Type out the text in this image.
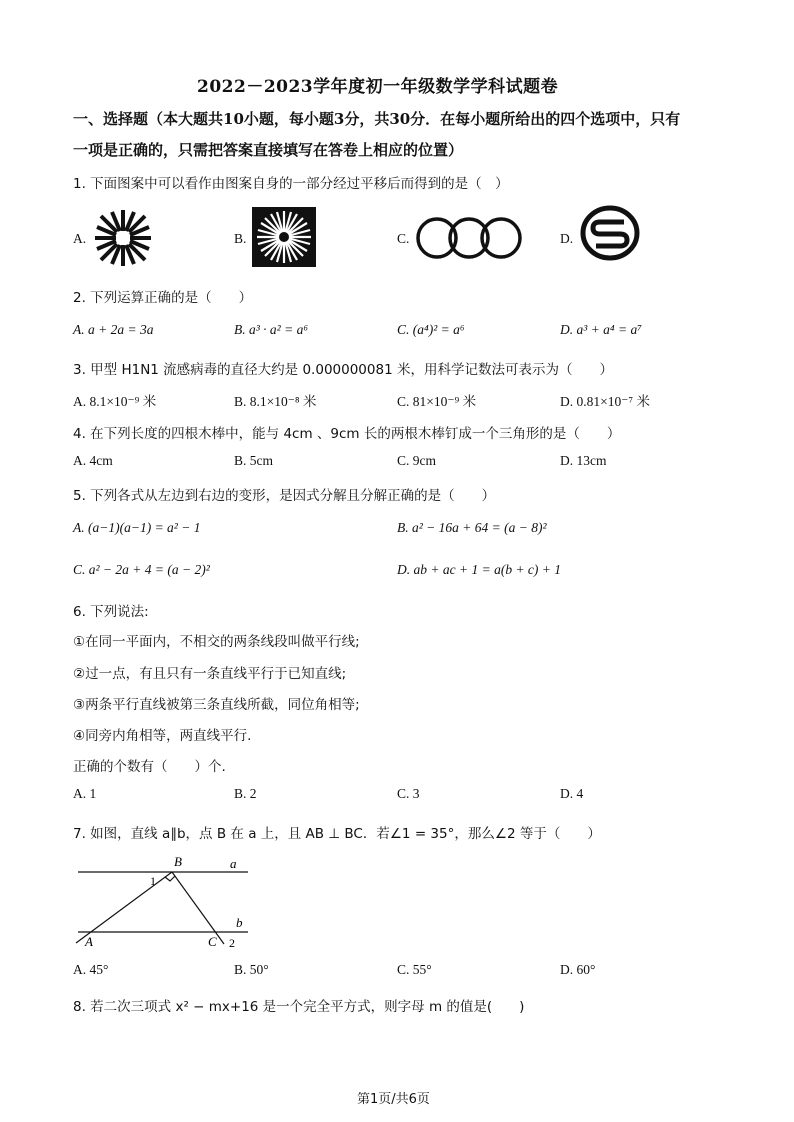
2022－2023学年度初一年级数学学科试题卷
一、选择题（本大题共10小题，每小题3分，共30分．在每小题所给出的四个选项中，只有
一项是正确的，只需把答案直接填写在答卷上相应的位置）
1. 下面图案中可以看作由图案自身的一部分经过平移后而得到的是（　）
A.	B.	C.	D.
2. 下列运算正确的是（　　）
A. a + 2a = 3a	B. a³ · a² = a⁶	C. (a⁴)² = a⁶	D. a³ + a⁴ = a⁷
3. 甲型 H1N1 流感病毒的直径大约是 0.000000081 米，用科学记数法可表示为（　　）
A. 8.1×10⁻⁹ 米	B. 8.1×10⁻⁸ 米	C. 81×10⁻⁹ 米	D. 0.81×10⁻⁷ 米
4. 在下列长度的四根木棒中，能与 4cm 、9cm 长的两根木棒钉成一个三角形的是（　　）
A. 4cm	B. 5cm	C. 9cm	D. 13cm
5. 下列各式从左边到右边的变形，是因式分解且分解正确的是（　　）
A. (a−1)(a−1) = a² − 1	B. a² − 16a + 64 = (a − 8)²
C. a² − 2a + 4 = (a − 2)²	D. ab + ac + 1 = a(b + c) + 1
6. 下列说法:
①在同一平面内，不相交的两条线段叫做平行线;
②过一点，有且只有一条直线平行于已知直线;
③两条平行直线被第三条直线所截，同位角相等;
④同旁内角相等，两直线平行.
正确的个数有（　　）个.
A. 1	B. 2	C. 3	D. 4
7. 如图，直线 a∥b，点 B 在 a 上，且 AB ⊥ BC．若∠1 = 35°，那么∠2 等于（　　）
B	a
b
A	C
1
2
A. 45°	B. 50°	C. 55°	D. 60°
8. 若二次三项式 x² − mx+16 是一个完全平方式，则字母 m 的值是(　　)
第1页/共6页
